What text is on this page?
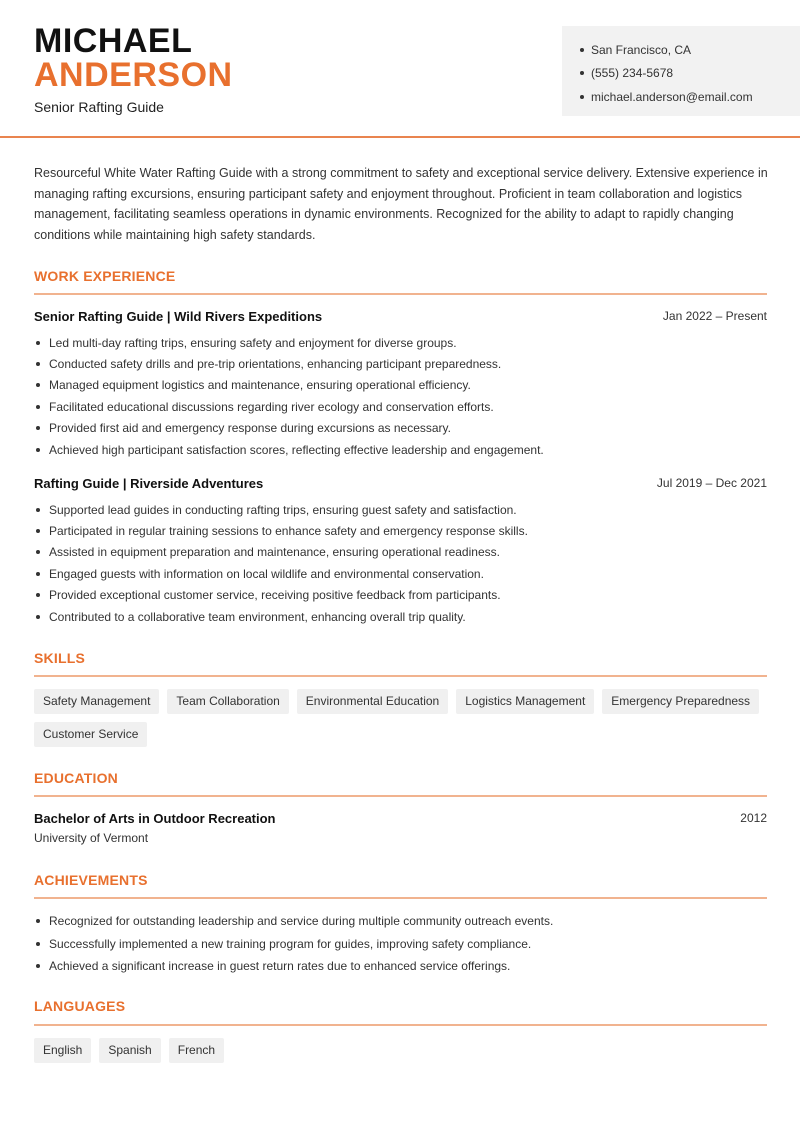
MICHAEL
ANDERSON
Senior Rafting Guide
San Francisco, CA
(555) 234-5678
michael.anderson@email.com

Resourceful White Water Rafting Guide with a strong commitment to safety and exceptional service delivery. Extensive experience in managing rafting excursions, ensuring participant safety and enjoyment throughout. Proficient in team collaboration and logistics management, facilitating seamless operations in dynamic environments. Recognized for the ability to adapt to rapidly changing conditions while maintaining high safety standards.

WORK EXPERIENCE
Senior Rafting Guide | Wild Rivers Expeditions	Jan 2022 – Present
Led multi-day rafting trips, ensuring safety and enjoyment for diverse groups.
Conducted safety drills and pre-trip orientations, enhancing participant preparedness.
Managed equipment logistics and maintenance, ensuring operational efficiency.
Facilitated educational discussions regarding river ecology and conservation efforts.
Provided first aid and emergency response during excursions as necessary.
Achieved high participant satisfaction scores, reflecting effective leadership and engagement.
Rafting Guide | Riverside Adventures	Jul 2019 – Dec 2021
Supported lead guides in conducting rafting trips, ensuring guest safety and satisfaction.
Participated in regular training sessions to enhance safety and emergency response skills.
Assisted in equipment preparation and maintenance, ensuring operational readiness.
Engaged guests with information on local wildlife and environmental conservation.
Provided exceptional customer service, receiving positive feedback from participants.
Contributed to a collaborative team environment, enhancing overall trip quality.
SKILLS
Safety Management	Team Collaboration	Environmental Education	Logistics Management	Emergency Preparedness
Customer Service
EDUCATION
Bachelor of Arts in Outdoor Recreation	2012
University of Vermont
ACHIEVEMENTS
Recognized for outstanding leadership and service during multiple community outreach events.
Successfully implemented a new training program for guides, improving safety compliance.
Achieved a significant increase in guest return rates due to enhanced service offerings.
LANGUAGES
English	Spanish	French
